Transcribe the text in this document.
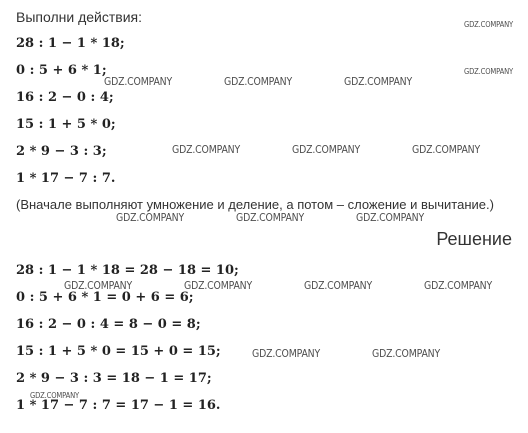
Выполни действия:
28 : 1 − 1 * 18;
0 : 5 + 6 * 1;
16 : 2 − 0 : 4;
15 : 1 + 5 * 0;
2 * 9 − 3 : 3;
1 * 17 − 7 : 7.
(Вначале выполняют умножение и деление, а потом – сложение и вычитание.)
Решение
28 : 1 − 1 * 18 = 28 − 18 = 10;
0 : 5 + 6 * 1 = 0 + 6 = 6;
16 : 2 − 0 : 4 = 8 − 0 = 8;
15 : 1 + 5 * 0 = 15 + 0 = 15;
2 * 9 − 3 : 3 = 18 − 1 = 17;
1 * 17 − 7 : 7 = 17 − 1 = 16.
GDZ.COMPANY
GDZ.COMPANY
GDZ.COMPANY	GDZ.COMPANY	GDZ.COMPANY
GDZ.COMPANY	GDZ.COMPANY	GDZ.COMPANY
GDZ.COMPANY	GDZ.COMPANY	GDZ.COMPANY
GDZ.COMPANY	GDZ.COMPANY	GDZ.COMPANY	GDZ.COMPANY
GDZ.COMPANY	GDZ.COMPANY
GDZ.COMPANY
